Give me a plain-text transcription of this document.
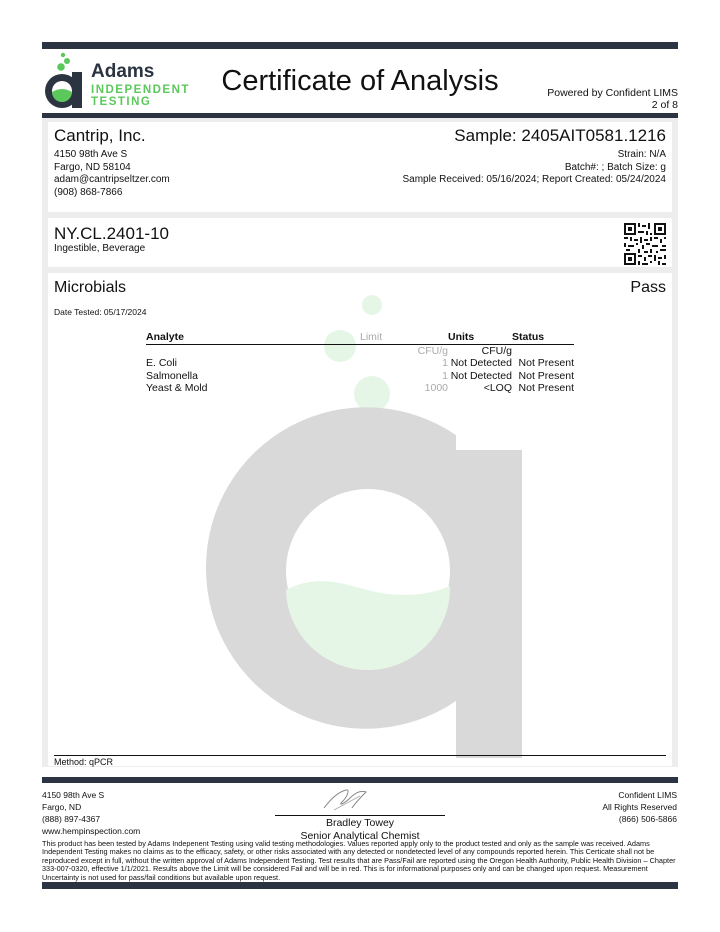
Adams
INDEPENDENT
TESTING
Certificate of Analysis	Powered by Confident LIMS
2 of 8
Cantrip, Inc.
4150 98th Ave S
Fargo, ND 58104
adam@cantripseltzer.com
(908) 868-7866
Sample: 2405AIT0581.1216
Strain: N/A
Batch#: ; Batch Size: g
Sample Received: 05/16/2024; Report Created: 05/24/2024
NY.CL.2401-10
Ingestible, Beverage
Microbials	Pass
Date Tested: 05/17/2024
Analyte	Limit	Units	Status
	CFU/g	CFU/g	
E. Coli	1	Not Detected	Not Present
Salmonella	1	Not Detected	Not Present
Yeast & Mold	1000	<LOQ	Not Present
Method: qPCR
4150 98th Ave S
Fargo, ND
(888) 897-4367
www.hempinspection.com
Bradley Towey
Senior Analytical Chemist
Confident LIMS
All Rights Reserved
(866) 506-5866
This product has been tested by Adams Indepenent Testing using valid testing methodologies. Values reported apply only to the product tested and only as the sample was received. Adams Independent Testing makes no claims as to the efficacy, safety, or other risks associated with any detected or nondetected level of any compounds reported herein. This Certicate shall not be reproduced except in full, without the written approval of Adams Independent Testing. Test results that are Pass/Fail are reported using the Oregon Health Authority, Public Health Division – Chapter 333-007-0320, effective 1/1/2021. Results above the Limit will be considered Fail and will be in red. This is for informational purposes only and can be changed upon request. Measurement Uncertainty is not used for pass/fail conditions but available upon request.
